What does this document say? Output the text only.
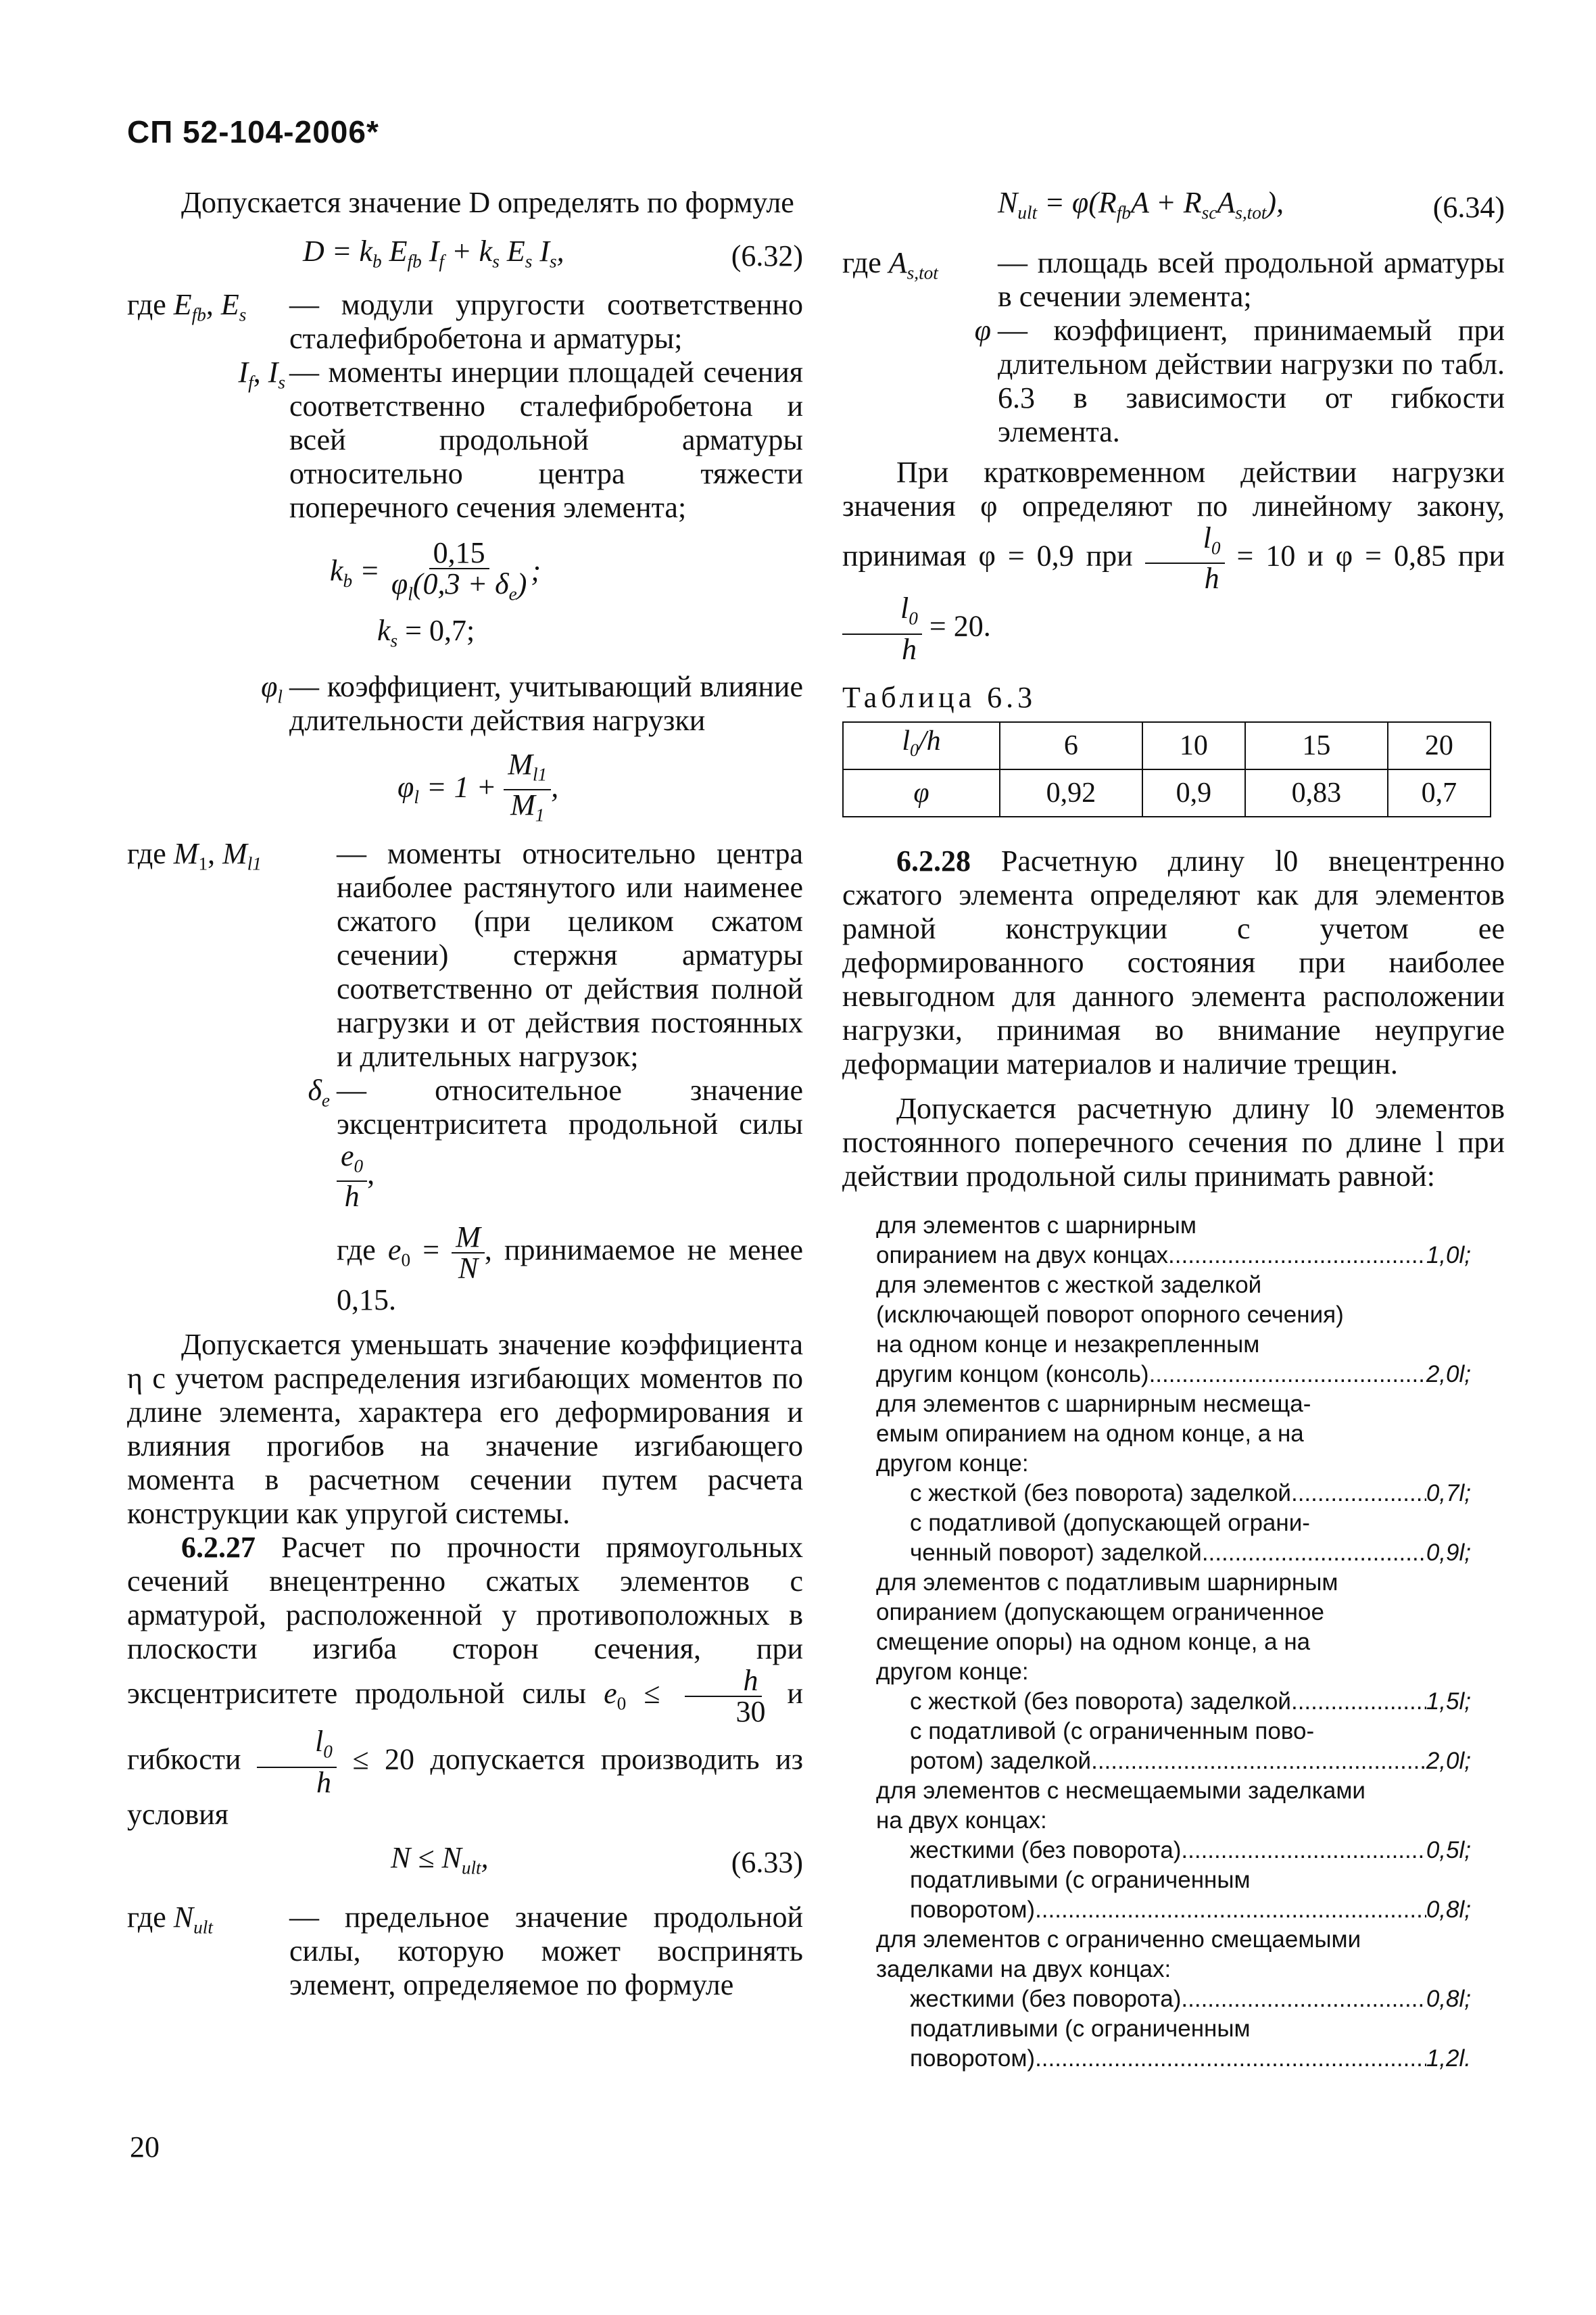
СП 52-104-2006*

Допускается значение D определять по формуле

$D = k_b$ $E_{fb}$ $I_f + k_s$ $E_s$ $I_s$,	(6.32)
где $E_{fb}$, $E_s$	— модули упругости соответственно сталефибробетона и арматуры;
$I_f$, $I_s$ — моменты инерции площадей сечения соответственно сталефибробетона и всей продольной арматуры относительно центра тяжести поперечного сечения элемента;
$k_b = \frac{0,15}{\varphi_l(0,3 + \delta_e)}$ ;
$k_s = 0,7$;
$\varphi_l$ — коэффициент, учитывающий влияние длительности действия нагрузки
$\varphi_l = 1 + \frac{M_{l1}}{M_1}$ ,
где $M_1$, $M_{l1}$	— моменты относительно центра наиболее растянутого или наименее сжатого (при целиком сжатом сечении) стержня арматуры соответственно от действия полной нагрузки и от действия постоянных и длительных нагрузок;
$\delta_e$ — относительное значение эксцентриситета продольной силы
$\frac{e_0}{h}$ ,
где $e_0 = \frac{M}{N}$ , принимаемое не менее 0,15.

Допускается уменьшать значение коэффициента η с учетом распределения изгибающих моментов по длине элемента, характера его деформирования и влияния прогибов на значение изгибающего момента в расчетном сечении путем расчета конструкции как упругой системы.

6.2.27 Расчет по прочности прямоугольных сечений внецентренно сжатых элементов с арматурой, расположенной у противоположных в плоскости изгиба сторон сечения, при эксцентриситете продольной силы $e_0 \le \frac{h}{30}$ и гибкости $\frac{l_0}{h} \le 20$ допускается производить из условия

$N \le N_{ult}$,	(6.33)
где $N_{ult}$	— предельное значение продольной силы, которую может воспринять элемент, определяемое по формуле
$N_{ult} = \varphi(R_{fb}A + R_{sc}A_{s,tot})$,	(6.34)
где $A_{s,tot}$	— площадь всей продольной арматуры в сечении элемента;
φ — коэффициент, принимаемый при длительном действии нагрузки по табл. 6.3 в зависимости от гибкости элемента.

При кратковременном действии нагрузки значения φ определяют по линейному закону, принимая φ = 0,9 при $\frac{l_0}{h} = 10$ и φ = 0,85 при
$\frac{l_0}{h} = 20$.

Таблица 6.3
$l_0/h$	6	10	15	20
φ	0,92	0,9	0,83	0,7

6.2.28 Расчетную длину l0 внецентренно сжатого элемента определяют как для элементов рамной конструкции с учетом ее деформированного состояния при наиболее невыгодном для данного элемента расположении нагрузки, принимая во внимание неупругие деформации материалов и наличие трещин.

Допускается расчетную длину l0 элементов постоянного поперечного сечения по длине l при действии продольной силы принимать равной:

для элементов с шарнирным
опиранием на двух концах .....	1,0l;
для элементов с жесткой заделкой
(исключающей поворот опорного сечения)
на одном конце и незакрепленным
другим концом (консоль) .....	2,0l;
для элементов с шарнирным несмеща-
емым опиранием на одном конце, а на
другом конце:
с жесткой (без поворота) заделкой .....	0,7l;
с податливой (допускающей ограни-
ченный поворот) заделкой .....	0,9l;
для элементов с податливым шарнирным
опиранием (допускающем ограниченное
смещение опоры) на одном конце, а на
другом конце:
с жесткой (без поворота) заделкой .....	1,5l;
с податливой (с ограниченным пово-
ротом) заделкой .....	2,0l;
для элементов с несмещаемыми заделками
на двух концах:
жесткими (без поворота) .....	0,5l;
податливыми (с ограниченным
поворотом) .....	0,8l;
для элементов с ограниченно смещаемыми
заделками на двух концах:
жесткими (без поворота) .....	0,8l;
податливыми (с ограниченным
поворотом) .....	1,2l.
20
